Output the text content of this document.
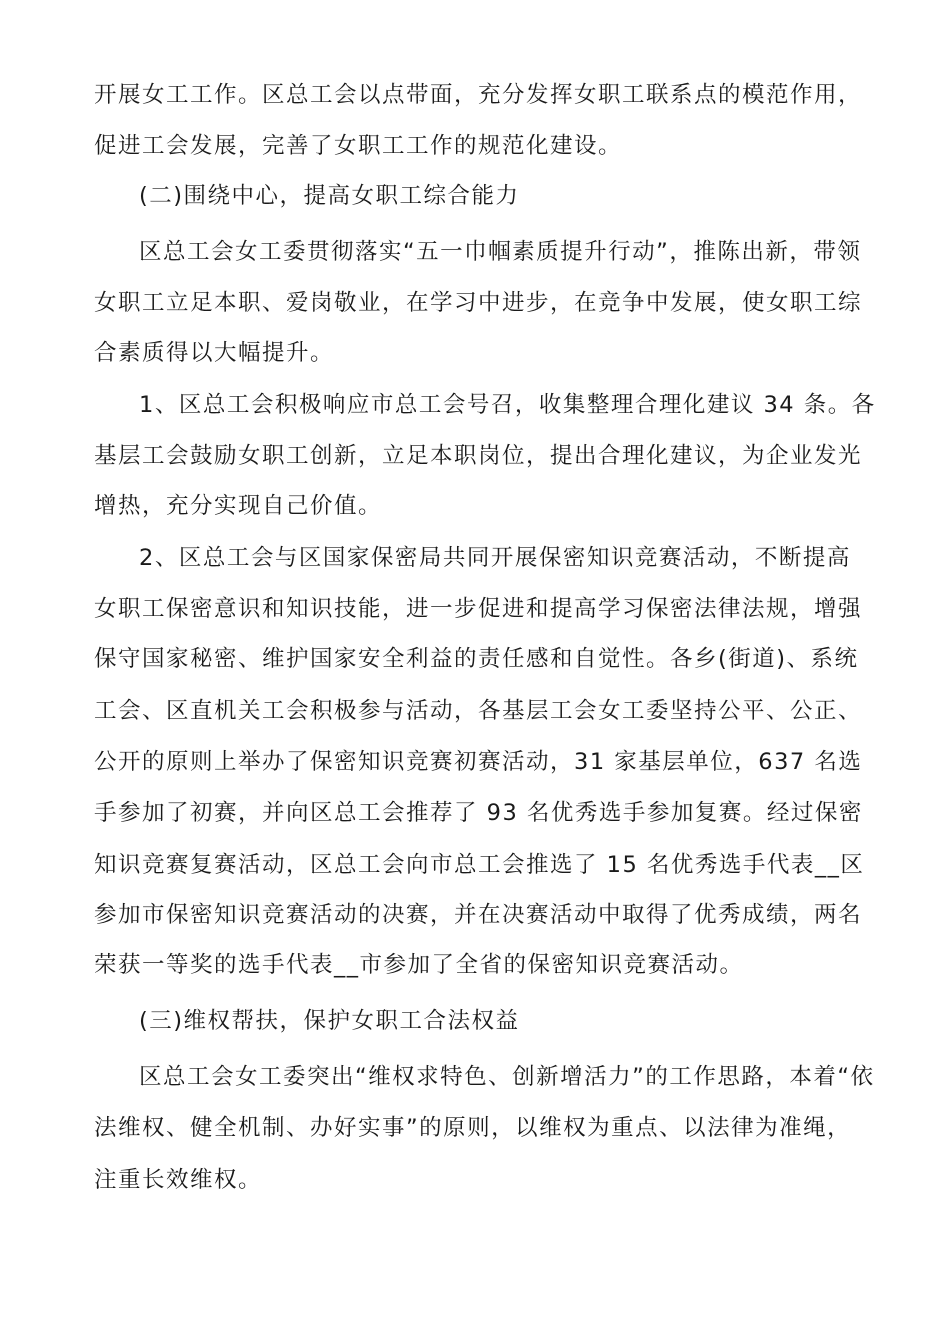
开展女工工作。区总工会以点带面，充分发挥女职工联系点的模范作用，
促进工会发展，完善了女职工工作的规范化建设。
(二)围绕中心，提高女职工综合能力
区总工会女工委贯彻落实“五一巾帼素质提升行动”，推陈出新，带领
女职工立足本职、爱岗敬业，在学习中进步，在竞争中发展，使女职工综
合素质得以大幅提升。
1、区总工会积极响应市总工会号召，收集整理合理化建议 34 条。各
基层工会鼓励女职工创新，立足本职岗位，提出合理化建议，为企业发光
增热，充分实现自己价值。
2、区总工会与区国家保密局共同开展保密知识竞赛活动，不断提高
女职工保密意识和知识技能，进一步促进和提高学习保密法律法规，增强
保守国家秘密、维护国家安全利益的责任感和自觉性。各乡(街道)、系统
工会、区直机关工会积极参与活动，各基层工会女工委坚持公平、公正、
公开的原则上举办了保密知识竞赛初赛活动，31 家基层单位，637 名选
手参加了初赛，并向区总工会推荐了 93 名优秀选手参加复赛。经过保密
知识竞赛复赛活动，区总工会向市总工会推选了 15 名优秀选手代表__区
参加市保密知识竞赛活动的决赛，并在决赛活动中取得了优秀成绩，两名
荣获一等奖的选手代表__市参加了全省的保密知识竞赛活动。
(三)维权帮扶，保护女职工合法权益
区总工会女工委突出“维权求特色、创新增活力”的工作思路，本着“依
法维权、健全机制、办好实事”的原则，以维权为重点、以法律为准绳，
注重长效维权。
